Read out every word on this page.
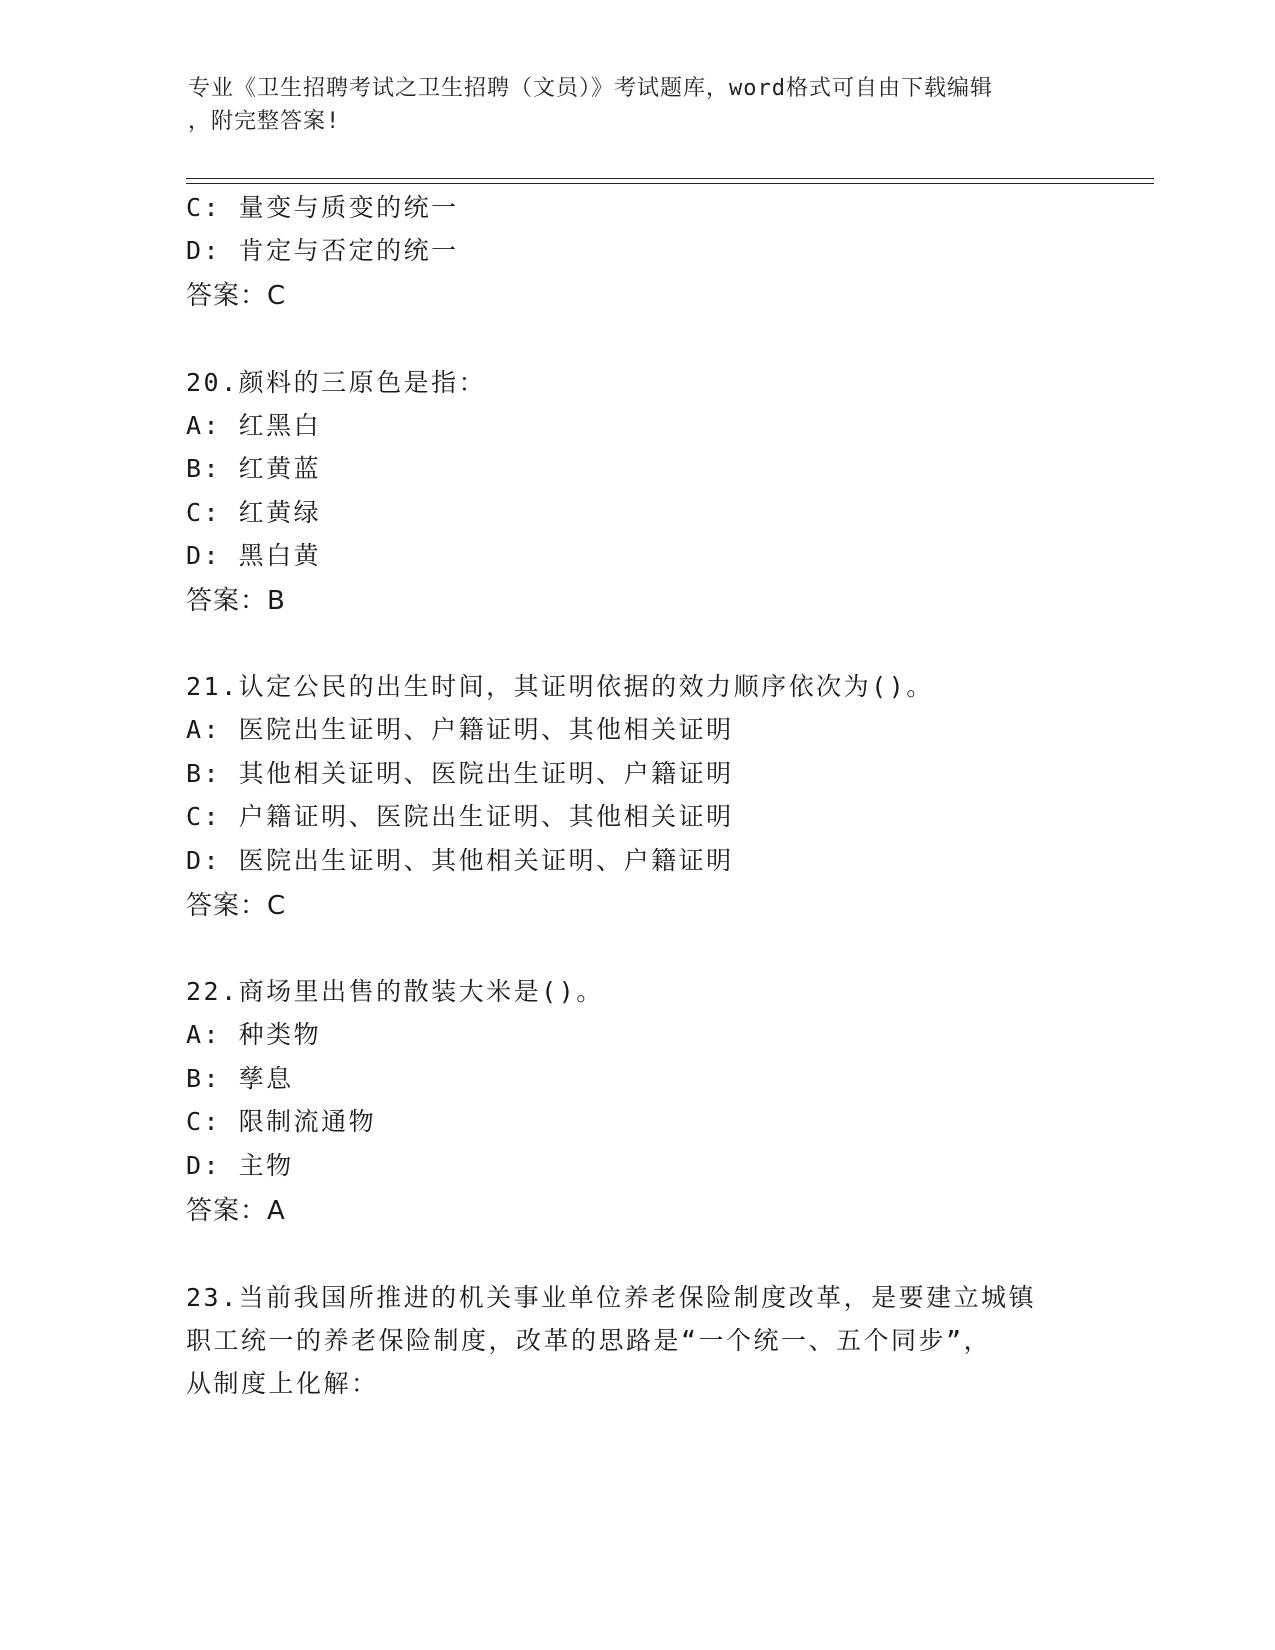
专业《卫生招聘考试之卫生招聘（文员）》考试题库，word格式可自由下载编辑
，附完整答案!
C: 量变与质变的统一
D: 肯定与否定的统一
答案：C
20.颜料的三原色是指：
A: 红黑白
B: 红黄蓝
C: 红黄绿
D: 黑白黄
答案：B
21.认定公民的出生时间，其证明依据的效力顺序依次为()。
A: 医院出生证明、户籍证明、其他相关证明
B: 其他相关证明、医院出生证明、户籍证明
C: 户籍证明、医院出生证明、其他相关证明
D: 医院出生证明、其他相关证明、户籍证明
答案：C
22.商场里出售的散装大米是()。
A: 种类物
B: 孳息
C: 限制流通物
D: 主物
答案：A
23.当前我国所推进的机关事业单位养老保险制度改革，是要建立城镇
职工统一的养老保险制度，改革的思路是“一个统一、五个同步”，
从制度上化解：
